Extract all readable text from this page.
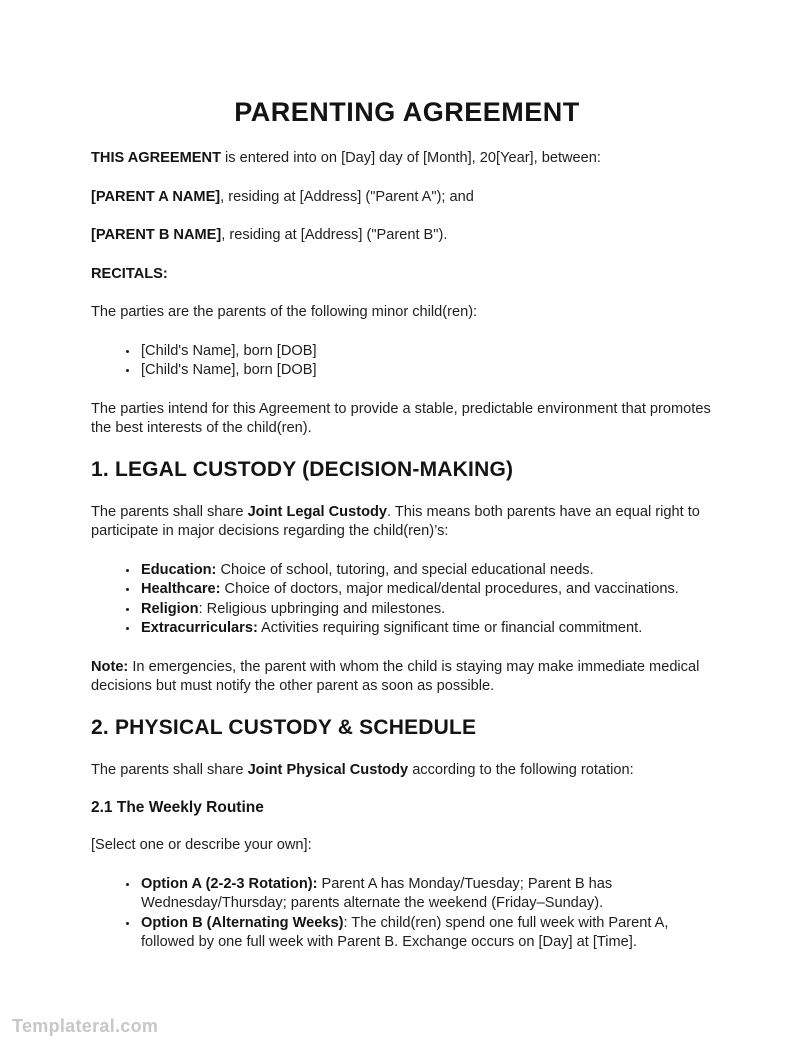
PARENTING AGREEMENT

THIS AGREEMENT is entered into on [Day] day of [Month], 20[Year], between:

[PARENT A NAME], residing at [Address] ("Parent A"); and

[PARENT B NAME], residing at [Address] ("Parent B").

RECITALS:

The parties are the parents of the following minor child(ren):

• [Child's Name], born [DOB]
• [Child's Name], born [DOB]

The parties intend for this Agreement to provide a stable, predictable environment that promotes the best interests of the child(ren).

1. LEGAL CUSTODY (DECISION-MAKING)

The parents shall share Joint Legal Custody. This means both parents have an equal right to participate in major decisions regarding the child(ren)’s:

• Education: Choice of school, tutoring, and special educational needs.
• Healthcare: Choice of doctors, major medical/dental procedures, and vaccinations.
• Religion: Religious upbringing and milestones.
• Extracurriculars: Activities requiring significant time or financial commitment.

Note: In emergencies, the parent with whom the child is staying may make immediate medical decisions but must notify the other parent as soon as possible.

2. PHYSICAL CUSTODY & SCHEDULE

The parents shall share Joint Physical Custody according to the following rotation:

2.1 The Weekly Routine

[Select one or describe your own]:

• Option A (2-2-3 Rotation): Parent A has Monday/Tuesday; Parent B has Wednesday/Thursday; parents alternate the weekend (Friday–Sunday).
• Option B (Alternating Weeks): The child(ren) spend one full week with Parent A, followed by one full week with Parent B. Exchange occurs on [Day] at [Time].
Templateral.com
